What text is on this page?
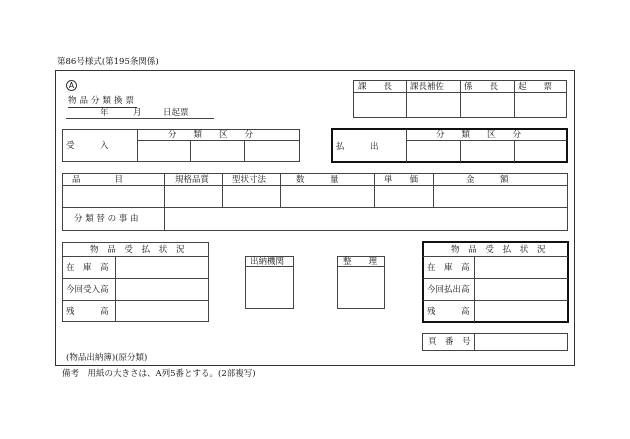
第86号様式(第195条関係)
A
物品分類換票
年	月	日起票
課　　長 課長補佐 係　　長 起　　票
受　　　入
分　　類　　区　　分
払　　　出
分　　類　　区　　分
品　　　　目	規格品質	型状寸法	数　　　量	単　　価	金　　　額
分 類 替 の 事 由
物 品 受 払 状 況
在　庫　高
今回受入高
残　　　高
出納機関	整　　理
物 品 受 払 状 況
在　庫　高
今回払出高
残　　　高
頁　番　号
(物品出納簿)(原分類)
備考　用紙の大きさは、A列5番とする。(2部複写)
